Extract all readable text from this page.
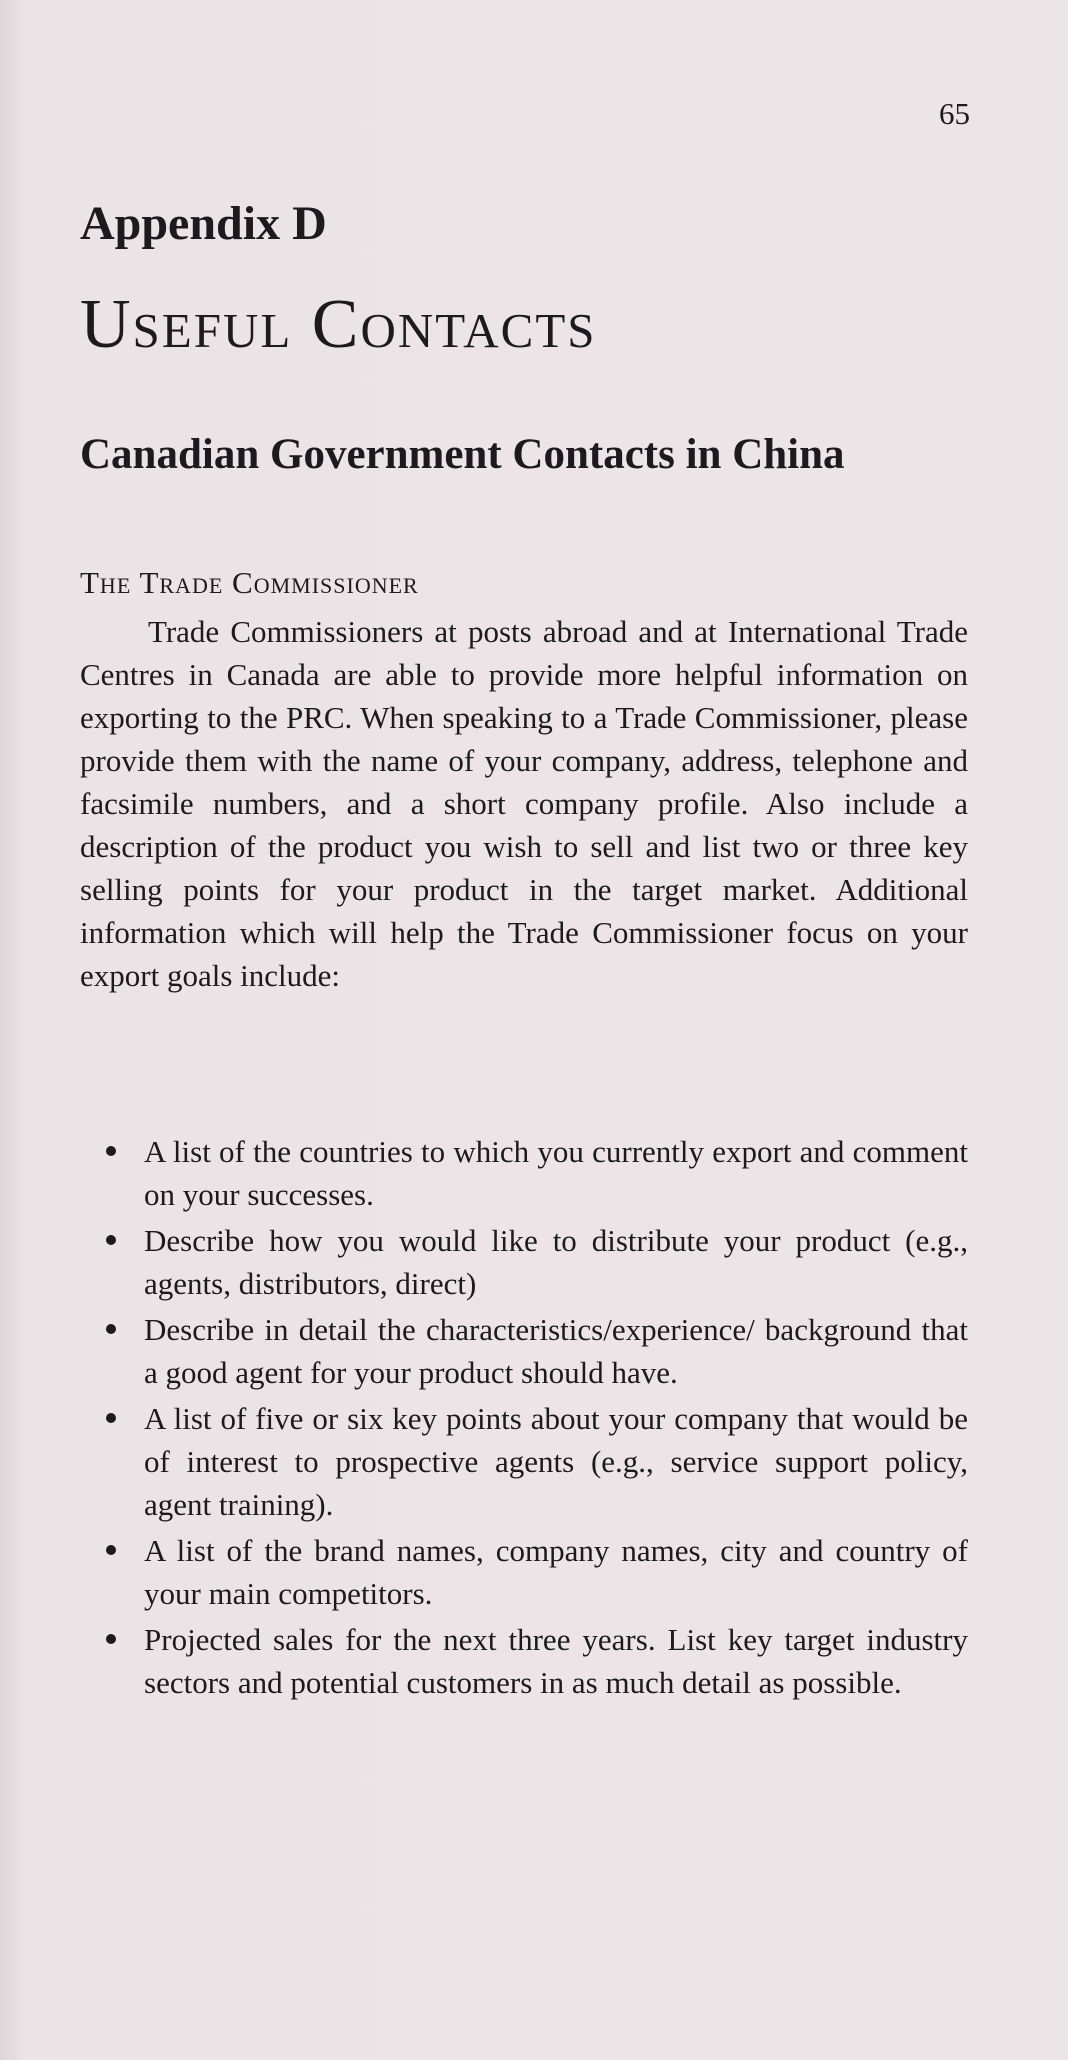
65
Appendix D
Useful Contacts
Canadian Government Contacts in China
The Trade Commissioner

Trade Commissioners at posts abroad and at International Trade Centres in Canada are able to provide more helpful information on exporting to the PRC. When speaking to a Trade Commissioner, please provide them with the name of your company, address, telephone and facsimile numbers, and a short company profile. Also include a description of the product you wish to sell and list two or three key selling points for your product in the target market. Additional information which will help the Trade Commissioner focus on your export goals include:

A list of the countries to which you currently export and comment on your successes.
Describe how you would like to distribute your product (e.g., agents, distributors, direct)
Describe in detail the characteristics/experience/ background that a good agent for your product should have.
A list of five or six key points about your company that would be of interest to prospective agents (e.g., service support policy, agent training).
A list of the brand names, company names, city and country of your main competitors.
Projected sales for the next three years. List key target industry sectors and potential customers in as much detail as possible.
